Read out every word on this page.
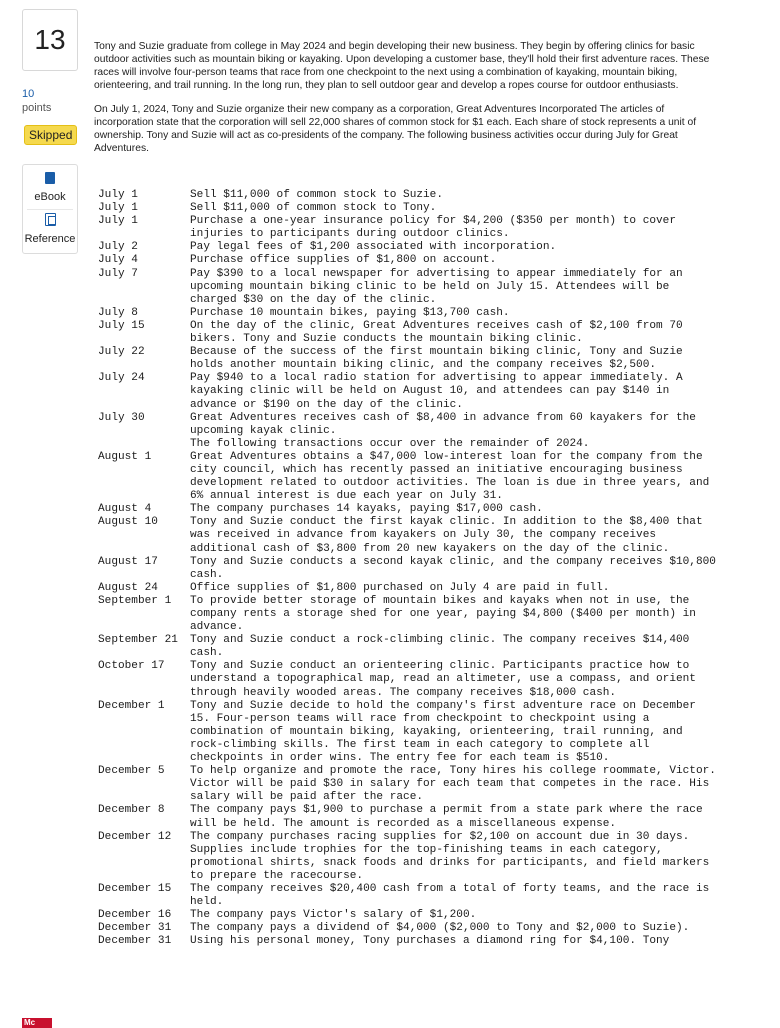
13
10
points
Skipped
eBook
Reference
Mc

Tony and Suzie graduate from college in May 2024 and begin developing their new business. They begin by offering clinics for basic outdoor activities such as mountain biking or kayaking. Upon developing a customer base, they'll hold their first adventure races. These races will involve four-person teams that race from one checkpoint to the next using a combination of kayaking, mountain biking, orienteering, and trail running. In the long run, they plan to sell outdoor gear and develop a ropes course for outdoor enthusiasts.

On July 1, 2024, Tony and Suzie organize their new company as a corporation, Great Adventures Incorporated The articles of incorporation state that the corporation will sell 22,000 shares of common stock for $1 each. Each share of stock represents a unit of ownership. Tony and Suzie will act as co-presidents of the company. The following business activities occur during July for Great Adventures.

July 1	Sell $11,000 of common stock to Suzie.
July 1	Sell $11,000 of common stock to Tony.
July 1	Purchase a one-year insurance policy for $4,200 ($350 per month) to cover injuries to participants during outdoor clinics.
July 2	Pay legal fees of $1,200 associated with incorporation.
July 4	Purchase office supplies of $1,800 on account.
July 7	Pay $390 to a local newspaper for advertising to appear immediately for an upcoming mountain biking clinic to be held on July 15. Attendees will be charged $30 on the day of the clinic.
July 8	Purchase 10 mountain bikes, paying $13,700 cash.
July 15	On the day of the clinic, Great Adventures receives cash of $2,100 from 70 bikers. Tony and Suzie conducts the mountain biking clinic.
July 22	Because of the success of the first mountain biking clinic, Tony and Suzie holds another mountain biking clinic, and the company receives $2,500.
July 24	Pay $940 to a local radio station for advertising to appear immediately. A kayaking clinic will be held on August 10, and attendees can pay $140 in advance or $190 on the day of the clinic.
July 30	Great Adventures receives cash of $8,400 in advance from 60 kayakers for the upcoming kayak clinic.
The following transactions occur over the remainder of 2024.
August 1	Great Adventures obtains a $47,000 low-interest loan for the company from the city council, which has recently passed an initiative encouraging business development related to outdoor activities. The loan is due in three years, and 6% annual interest is due each year on July 31.
August 4	The company purchases 14 kayaks, paying $17,000 cash.
August 10	Tony and Suzie conduct the first kayak clinic. In addition to the $8,400 that was received in advance from kayakers on July 30, the company receives additional cash of $3,800 from 20 new kayakers on the day of the clinic.
August 17	Tony and Suzie conducts a second kayak clinic, and the company receives $10,800 cash.
August 24	Office supplies of $1,800 purchased on July 4 are paid in full.
September 1	To provide better storage of mountain bikes and kayaks when not in use, the company rents a storage shed for one year, paying $4,800 ($400 per month) in advance.
September 21	Tony and Suzie conduct a rock-climbing clinic. The company receives $14,400 cash.
October 17	Tony and Suzie conduct an orienteering clinic. Participants practice how to understand a topographical map, read an altimeter, use a compass, and orient through heavily wooded areas. The company receives $18,000 cash.
December 1	Tony and Suzie decide to hold the company's first adventure race on December 15. Four-person teams will race from checkpoint to checkpoint using a combination of mountain biking, kayaking, orienteering, trail running, and rock-climbing skills. The first team in each category to complete all checkpoints in order wins. The entry fee for each team is $510.
December 5	To help organize and promote the race, Tony hires his college roommate, Victor. Victor will be paid $30 in salary for each team that competes in the race. His salary will be paid after the race.
December 8	The company pays $1,900 to purchase a permit from a state park where the race will be held. The amount is recorded as a miscellaneous expense.
December 12	The company purchases racing supplies for $2,100 on account due in 30 days. Supplies include trophies for the top-finishing teams in each category, promotional shirts, snack foods and drinks for participants, and field markers to prepare the racecourse.
December 15	The company receives $20,400 cash from a total of forty teams, and the race is held.
December 16	The company pays Victor's salary of $1,200.
December 31	The company pays a dividend of $4,000 ($2,000 to Tony and $2,000 to Suzie).
December 31	Using his personal money, Tony purchases a diamond ring for $4,100. Tony
